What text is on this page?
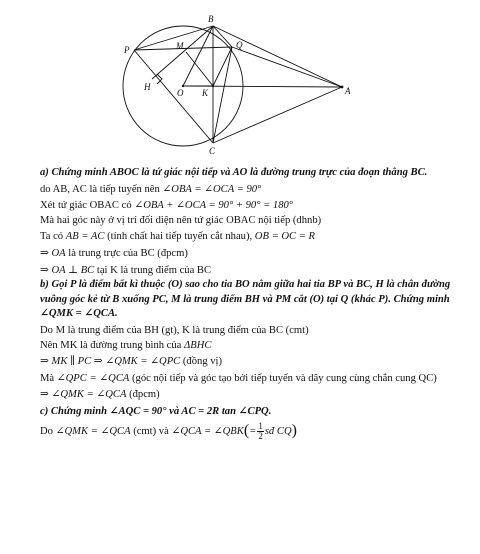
B
P	M	Q
H
O K	A
C
a) Chứng minh ABOC là tứ giác nội tiếp và AO là đường trung trực của đoạn thẳng BC.
do AB, AC là tiếp tuyến nên ∠OBA = ∠OCA = 90°
Xét tứ giác OBAC có ∠OBA + ∠OCA = 90° + 90° = 180°
Mà hai góc này ở vị trí đối diện nên tứ giác OBAC nội tiếp (dhnb)
Ta có AB = AC (tính chất hai tiếp tuyến cắt nhau), OB = OC = R
⇒ OA là trung trực của BC (đpcm)
⇒ OA ⊥ BC tại K là trung điểm của BC
b) Gọi P là điểm bất kì thuộc (O) sao cho tia BO nằm giữa hai tia BP và BC, H là chân đường vuông góc kẻ từ B xuống PC, M là trung điểm BH và PM cắt (O) tại Q (khác P). Chứng minh ∠QMK = ∠QCA.
Do M là trung điểm của BH (gt), K là trung điểm của BC (cmt)
Nên MK là đường trung bình của ΔBHC
⇒ MK ∥ PC ⇒ ∠QMK = ∠QPC (đồng vị)
Mà ∠QPC = ∠QCA (góc nội tiếp và góc tạo bởi tiếp tuyến và dây cung cùng chắn cung QC)
⇒ ∠QMK = ∠QCA (đpcm)
c) Chứng minh ∠AQC = 90° và AC = 2R tan ∠CPQ.
Do ∠QMK = ∠QCA (cmt) và ∠QCA = ∠QBK(= $\frac{1}{2}$ sđ CQ)
